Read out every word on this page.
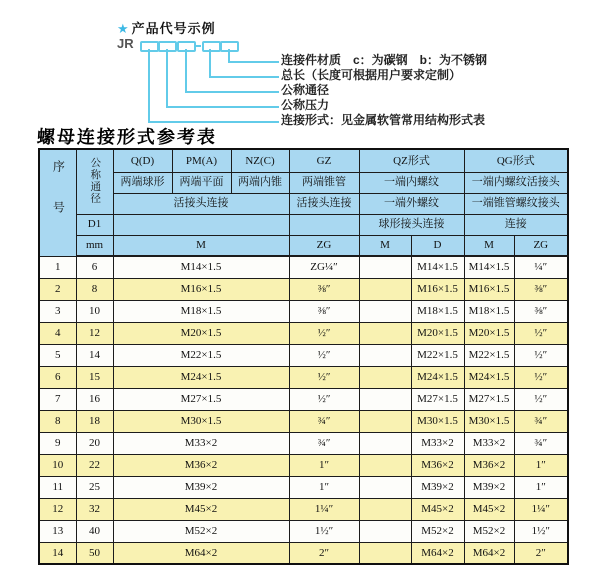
★ 产品代号示例
JR
连接件材质　c：为碳钢　b：为不锈钢
总长（长度可根据用户要求定制）
公称通径
公称压力
连接形式：见金属软管常用结构形式表
螺母连接形式参考表
序号	公称通径	Q(D)	PM(A)	NZ(C)	GZ	QZ形式		QG形式	
		两端球形	两端平面	两端内锥	两端锥管	一端内螺纹		一端内螺纹活接头	
		活接头连接			活接头连接	一端外螺纹		一端锥管螺纹接头	
	D1					球形接头连接		连接	
	mm	M			ZG	M	D	M	ZG
1	6	M14×1.5			ZG¼″		M14×1.5	M14×1.5	¼″
2	8	M16×1.5			⅜″		M16×1.5	M16×1.5	⅜″
3	10	M18×1.5			⅜″		M18×1.5	M18×1.5	⅜″
4	12	M20×1.5			½″		M20×1.5	M20×1.5	½″
5	14	M22×1.5			½″		M22×1.5	M22×1.5	½″
6	15	M24×1.5			½″		M24×1.5	M24×1.5	½″
7	16	M27×1.5			½″		M27×1.5	M27×1.5	½″
8	18	M30×1.5			¾″		M30×1.5	M30×1.5	¾″
9	20	M33×2			¾″		M33×2	M33×2	¾″
10	22	M36×2			1″		M36×2	M36×2	1″
11	25	M39×2			1″		M39×2	M39×2	1″
12	32	M45×2			1¼″		M45×2	M45×2	1¼″
13	40	M52×2			1½″		M52×2	M52×2	1½″
14	50	M64×2			2″		M64×2	M64×2	2″
